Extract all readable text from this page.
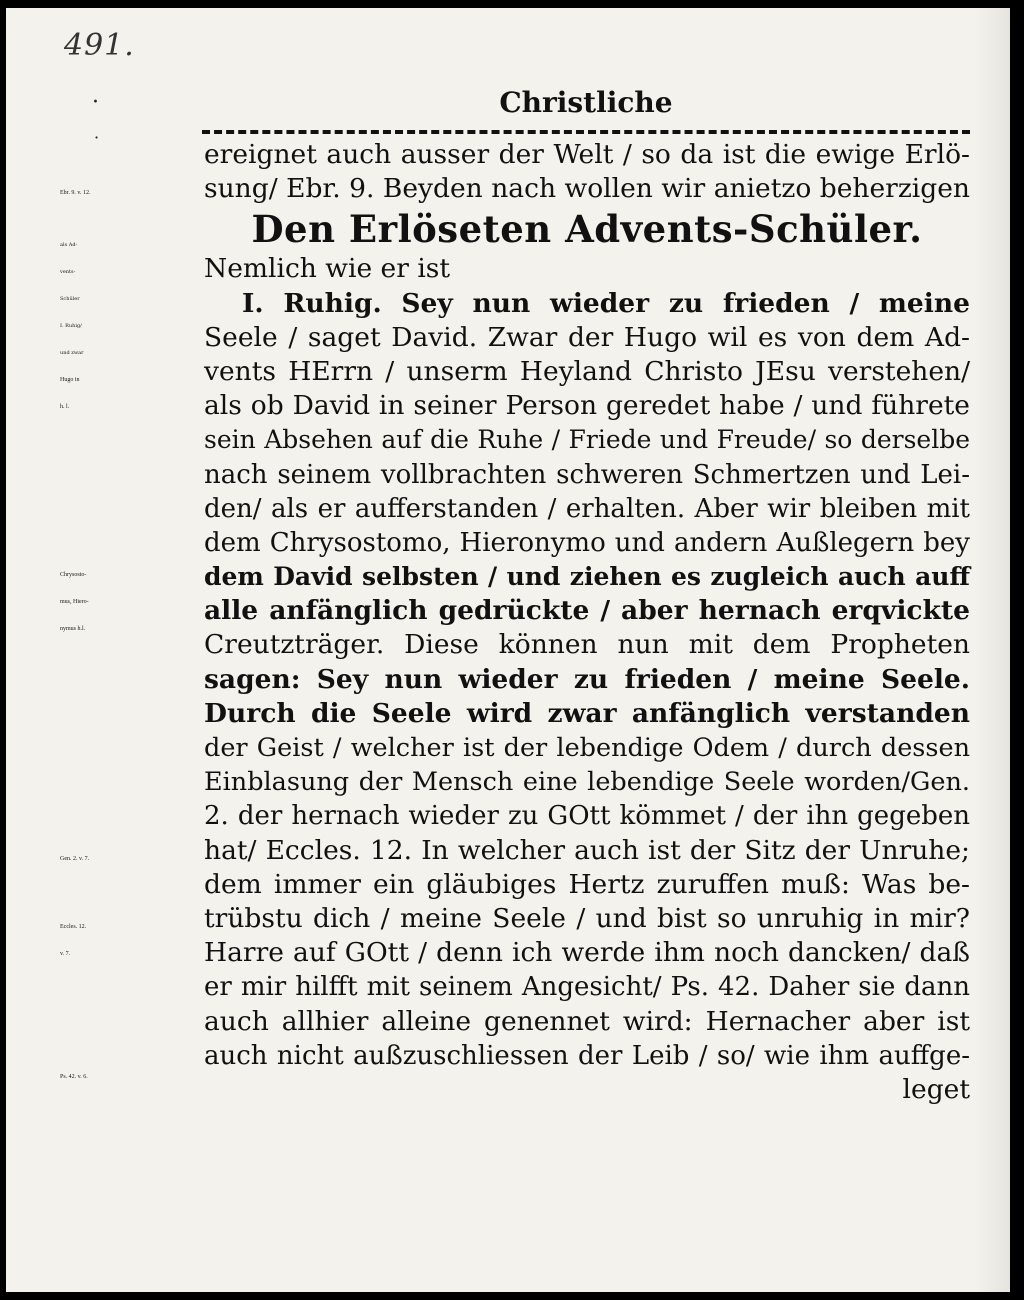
491.
·
·
Christliche
ereignet auch ausser der Welt / so da ist die ewige Erlö-
sung/ Ebr. 9. Beyden nach wollen wir anietzo beherzigen
Den Erlöseten Advents-Schüler.
Nemlich wie er ist
I. Ruhig. Sey nun wieder zu frieden / meine
Seele / saget David. Zwar der Hugo wil es von dem Ad-
vents HErrn / unserm Heyland Christo JEsu verstehen/
als ob David in seiner Person geredet habe / und führete
sein Absehen auf die Ruhe / Friede und Freude/ so derselbe
nach seinem vollbrachten schweren Schmertzen und Lei-
den/ als er aufferstanden / erhalten. Aber wir bleiben mit
dem Chrysostomo, Hieronymo und andern Außlegern bey
dem David selbsten / und ziehen es zugleich auch auff
alle anfänglich gedrückte / aber hernach erqvickte
Creutzträger. Diese können nun mit dem Propheten
sagen: Sey nun wieder zu frieden / meine Seele.
Durch die Seele wird zwar anfänglich verstanden
der Geist / welcher ist der lebendige Odem / durch dessen
Einblasung der Mensch eine lebendige Seele worden/Gen.
2. der hernach wieder zu GOtt kömmet / der ihn gegeben
hat/ Eccles. 12. In welcher auch ist der Sitz der Unruhe;
dem immer ein gläubiges Hertz zuruffen muß: Was be-
trübstu dich / meine Seele / und bist so unruhig in mir?
Harre auf GOtt / denn ich werde ihm noch dancken/ daß
er mir hilfft mit seinem Angesicht/ Ps. 42. Daher sie dann
auch allhier alleine genennet wird: Hernacher aber ist
auch nicht außzuschliessen der Leib / so/ wie ihm auffge-
leget
Ebr. 9. v. 12.
als Ad-
vents-
Schüler
I. Ruhig/
und zwar
Hugo in
h. l.
Chrysosto-
mus, Hiero-
nymus h.l.
Gen. 2. v. 7.
Eccles. 12.
v. 7.
Ps. 42. v. 6.
